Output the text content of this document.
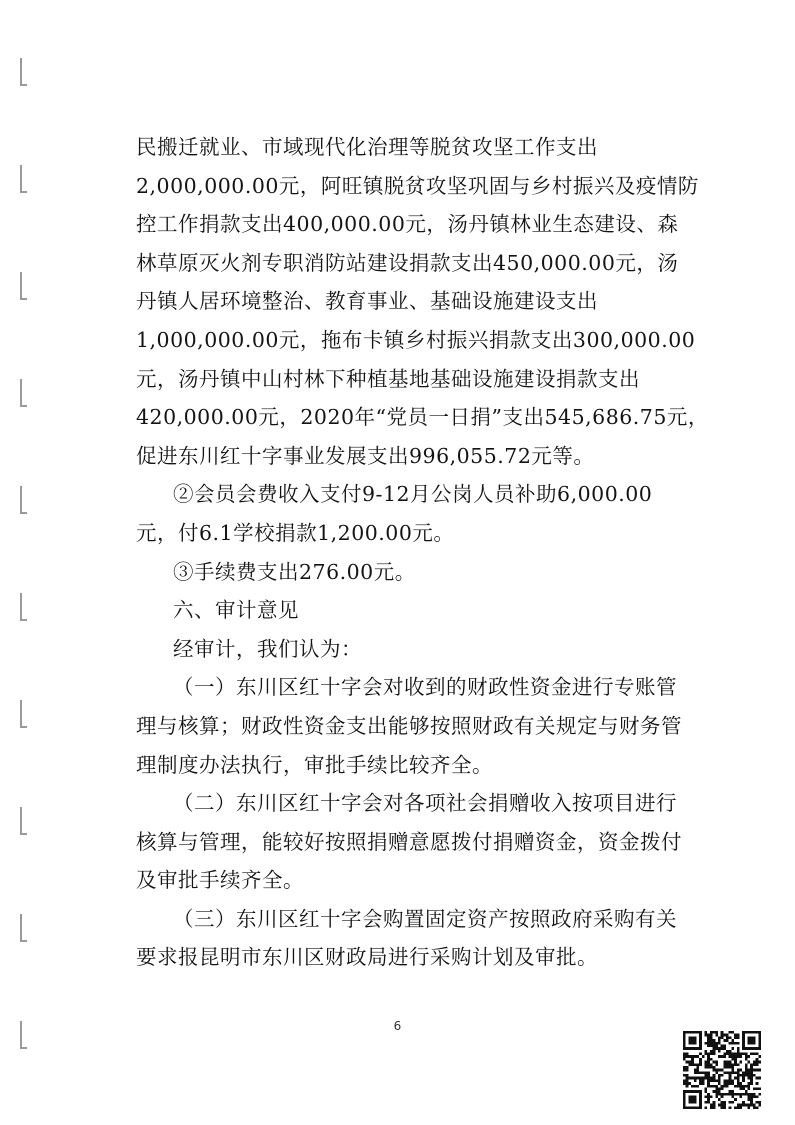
民搬迁就业、市域现代化治理等脱贫攻坚工作支出
2,000,000.00元，阿旺镇脱贫攻坚巩固与乡村振兴及疫情防
控工作捐款支出400,000.00元，汤丹镇林业生态建设、森
林草原灭火剂专职消防站建设捐款支出450,000.00元，汤
丹镇人居环境整治、教育事业、基础设施建设支出
1,000,000.00元，拖布卡镇乡村振兴捐款支出300,000.00
元，汤丹镇中山村林下种植基地基础设施建设捐款支出
420,000.00元，2020年“党员一日捐”支出545,686.75元，
促进东川红十字事业发展支出996,055.72元等。
②会员会费收入支付9-12月公岗人员补助6,000.00
元，付6.1学校捐款1,200.00元。
③手续费支出276.00元。
六、审计意见
经审计，我们认为：
（一）东川区红十字会对收到的财政性资金进行专账管
理与核算；财政性资金支出能够按照财政有关规定与财务管
理制度办法执行，审批手续比较齐全。
（二）东川区红十字会对各项社会捐赠收入按项目进行
核算与管理，能较好按照捐赠意愿拨付捐赠资金，资金拨付
及审批手续齐全。
（三）东川区红十字会购置固定资产按照政府采购有关
要求报昆明市东川区财政局进行采购计划及审批。
6
